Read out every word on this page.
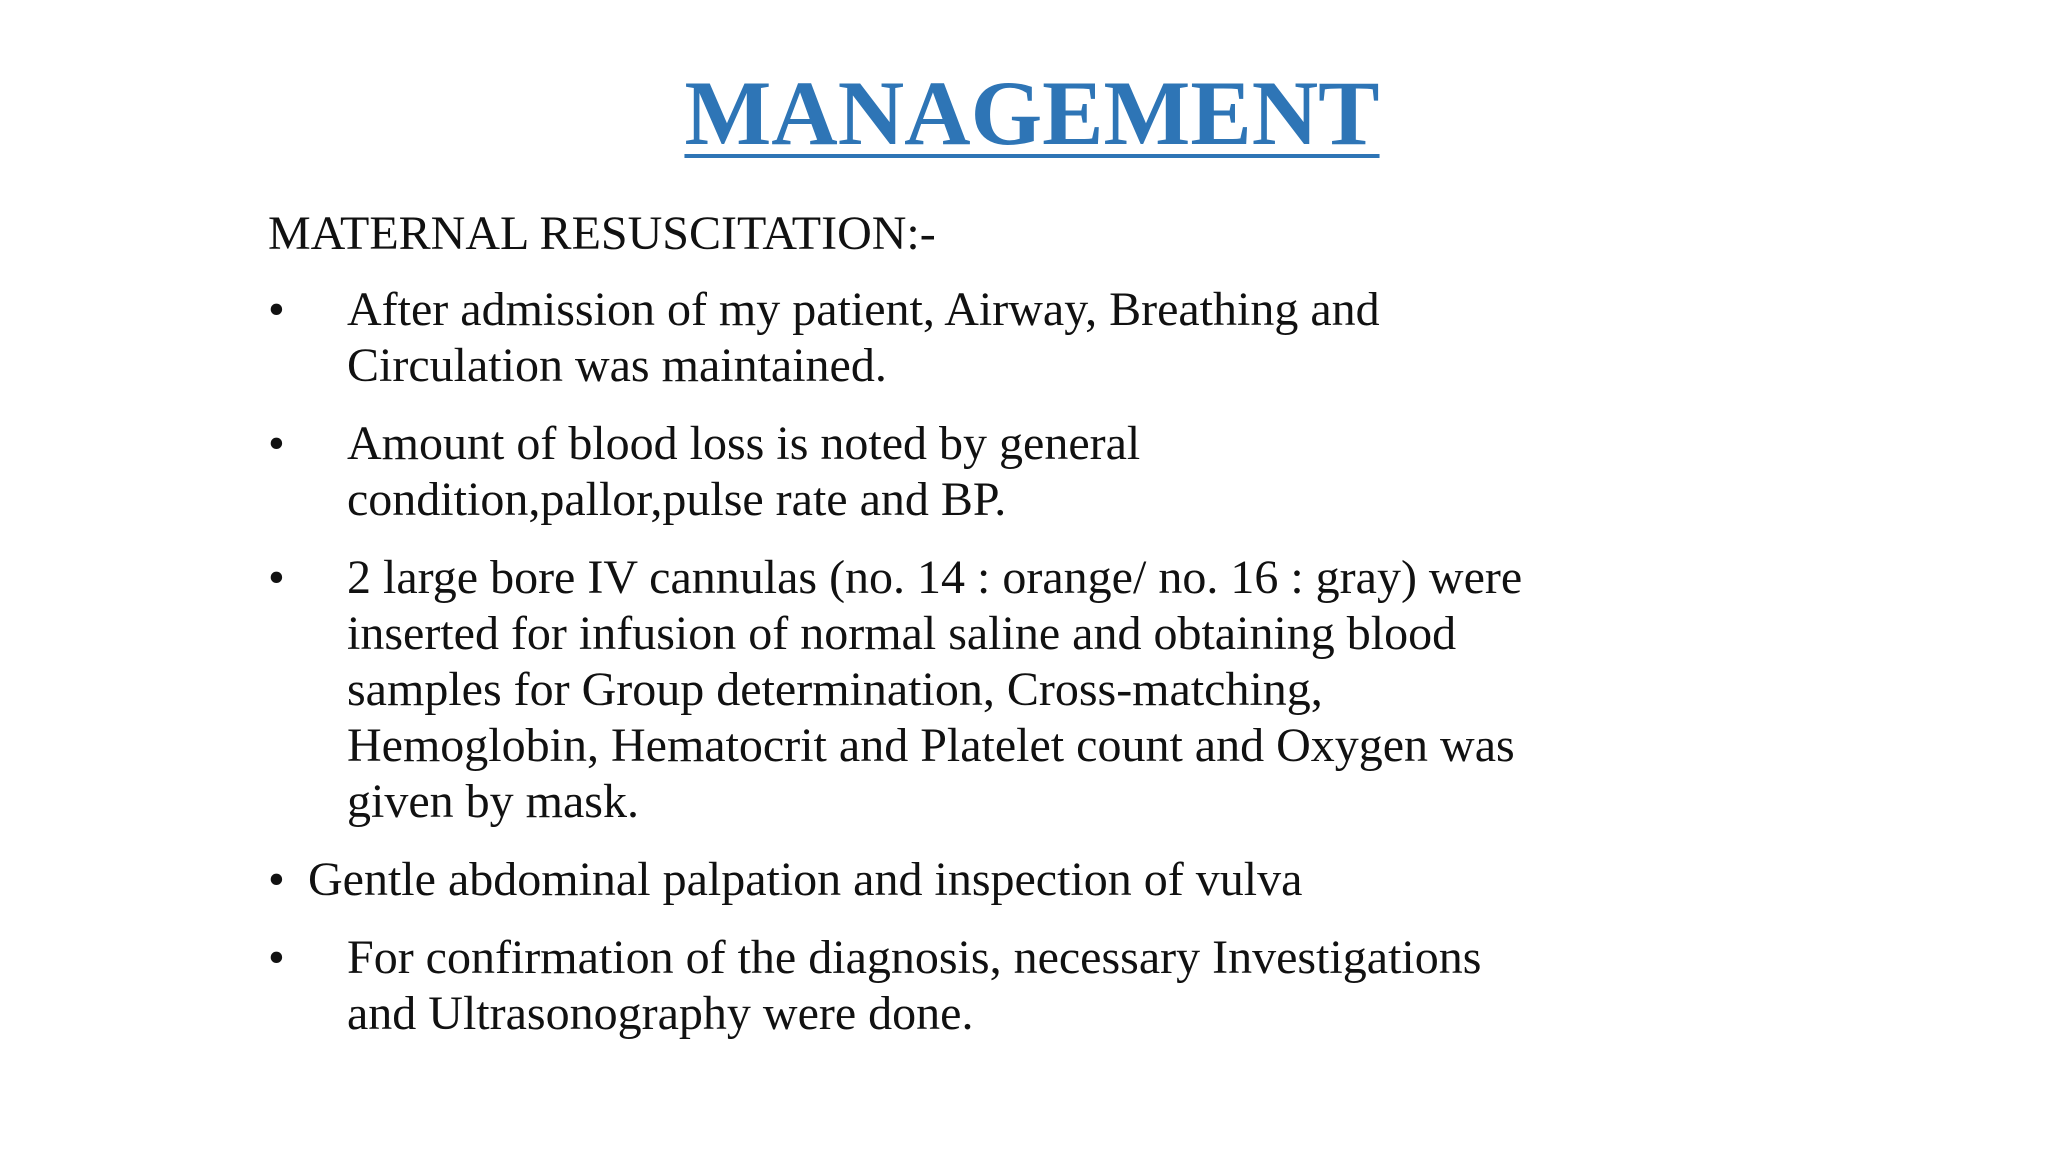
MANAGEMENT
MATERNAL RESUSCITATION:-
•	After admission of my patient, Airway, Breathing and
Circulation was maintained.
•	Amount of blood loss is noted by general
condition,pallor,pulse rate and BP.
•	2 large bore IV cannulas (no. 14 : orange/ no. 16 : gray) were
inserted for infusion of normal saline and obtaining blood
samples for Group determination, Cross-matching,
Hemoglobin, Hematocrit and Platelet count and Oxygen was
given by mask.
• Gentle abdominal palpation and inspection of vulva
•	For confirmation of the diagnosis, necessary Investigations
and Ultrasonography were done.
